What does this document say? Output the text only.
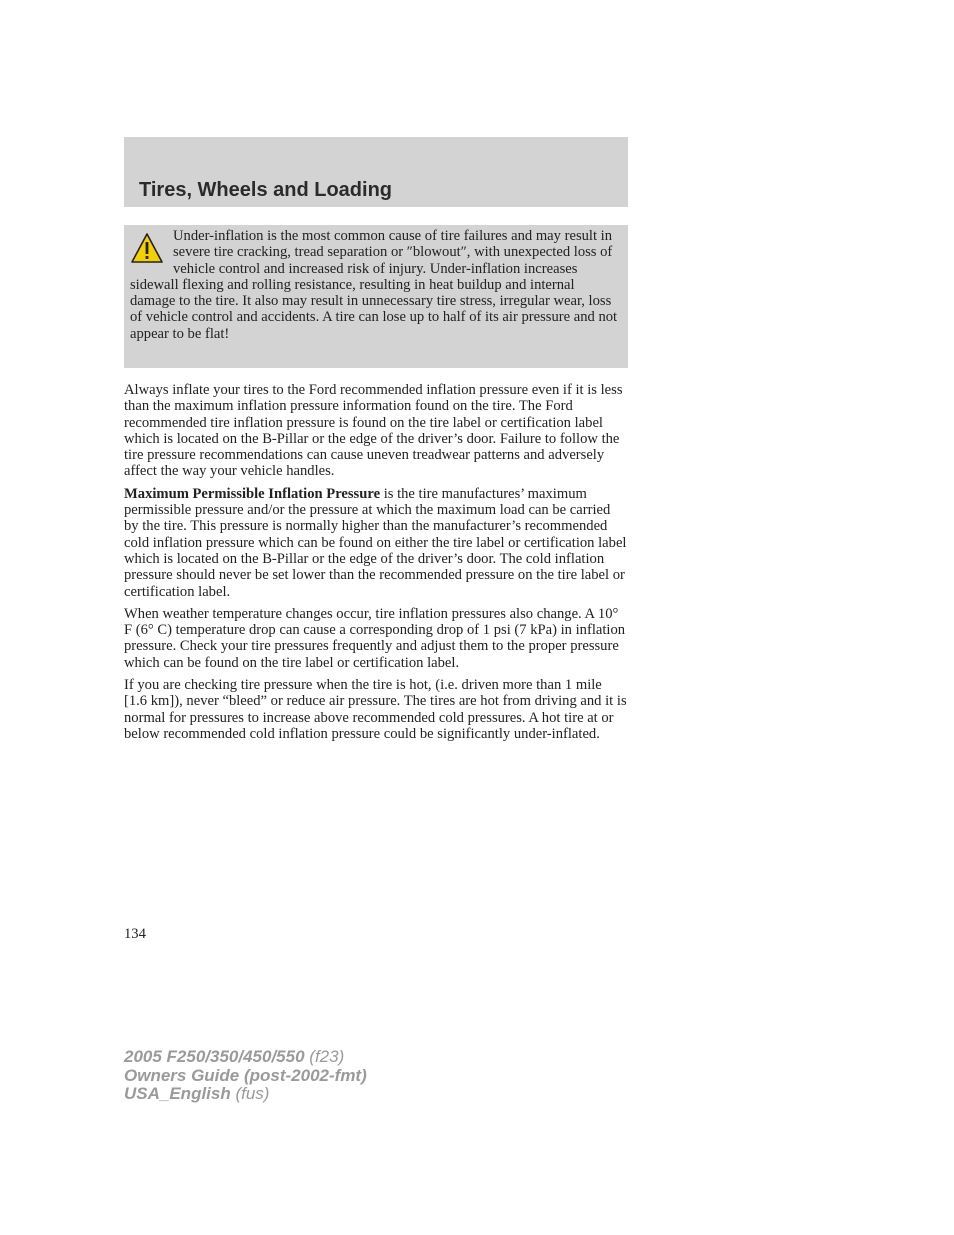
Tires, Wheels and Loading

Under-inflation is the most common cause of tire failures and may result in severe tire cracking, tread separation or ″blowout″, with unexpected loss of vehicle control and increased risk of injury. Under-inflation increases sidewall flexing and rolling resistance, resulting in heat buildup and internal damage to the tire. It also may result in unnecessary tire stress, irregular wear, loss of vehicle control and accidents. A tire can lose up to half of its air pressure and not appear to be flat!

Always inflate your tires to the Ford recommended inflation pressure even if it is less than the maximum inflation pressure information found on the tire. The Ford recommended tire inflation pressure is found on the tire label or certification label which is located on the B-Pillar or the edge of the driver’s door. Failure to follow the tire pressure recommendations can cause uneven treadwear patterns and adversely affect the way your vehicle handles.

Maximum Permissible Inflation Pressure is the tire manufactures’ maximum permissible pressure and/or the pressure at which the maximum load can be carried by the tire. This pressure is normally higher than the manufacturer’s recommended cold inflation pressure which can be found on either the tire label or certification label which is located on the B-Pillar or the edge of the driver’s door. The cold inflation pressure should never be set lower than the recommended pressure on the tire label or certification label.

When weather temperature changes occur, tire inflation pressures also change. A 10° F (6° C) temperature drop can cause a corresponding drop of 1 psi (7 kPa) in inflation pressure. Check your tire pressures frequently and adjust them to the proper pressure which can be found on the tire label or certification label.

If you are checking tire pressure when the tire is hot, (i.e. driven more than 1 mile [1.6 km]), never “bleed” or reduce air pressure. The tires are hot from driving and it is normal for pressures to increase above recommended cold pressures. A hot tire at or below recommended cold inflation pressure could be significantly under-inflated.

134
2005 F250/350/450/550 (f23)
Owners Guide (post-2002-fmt)
USA_English (fus)
